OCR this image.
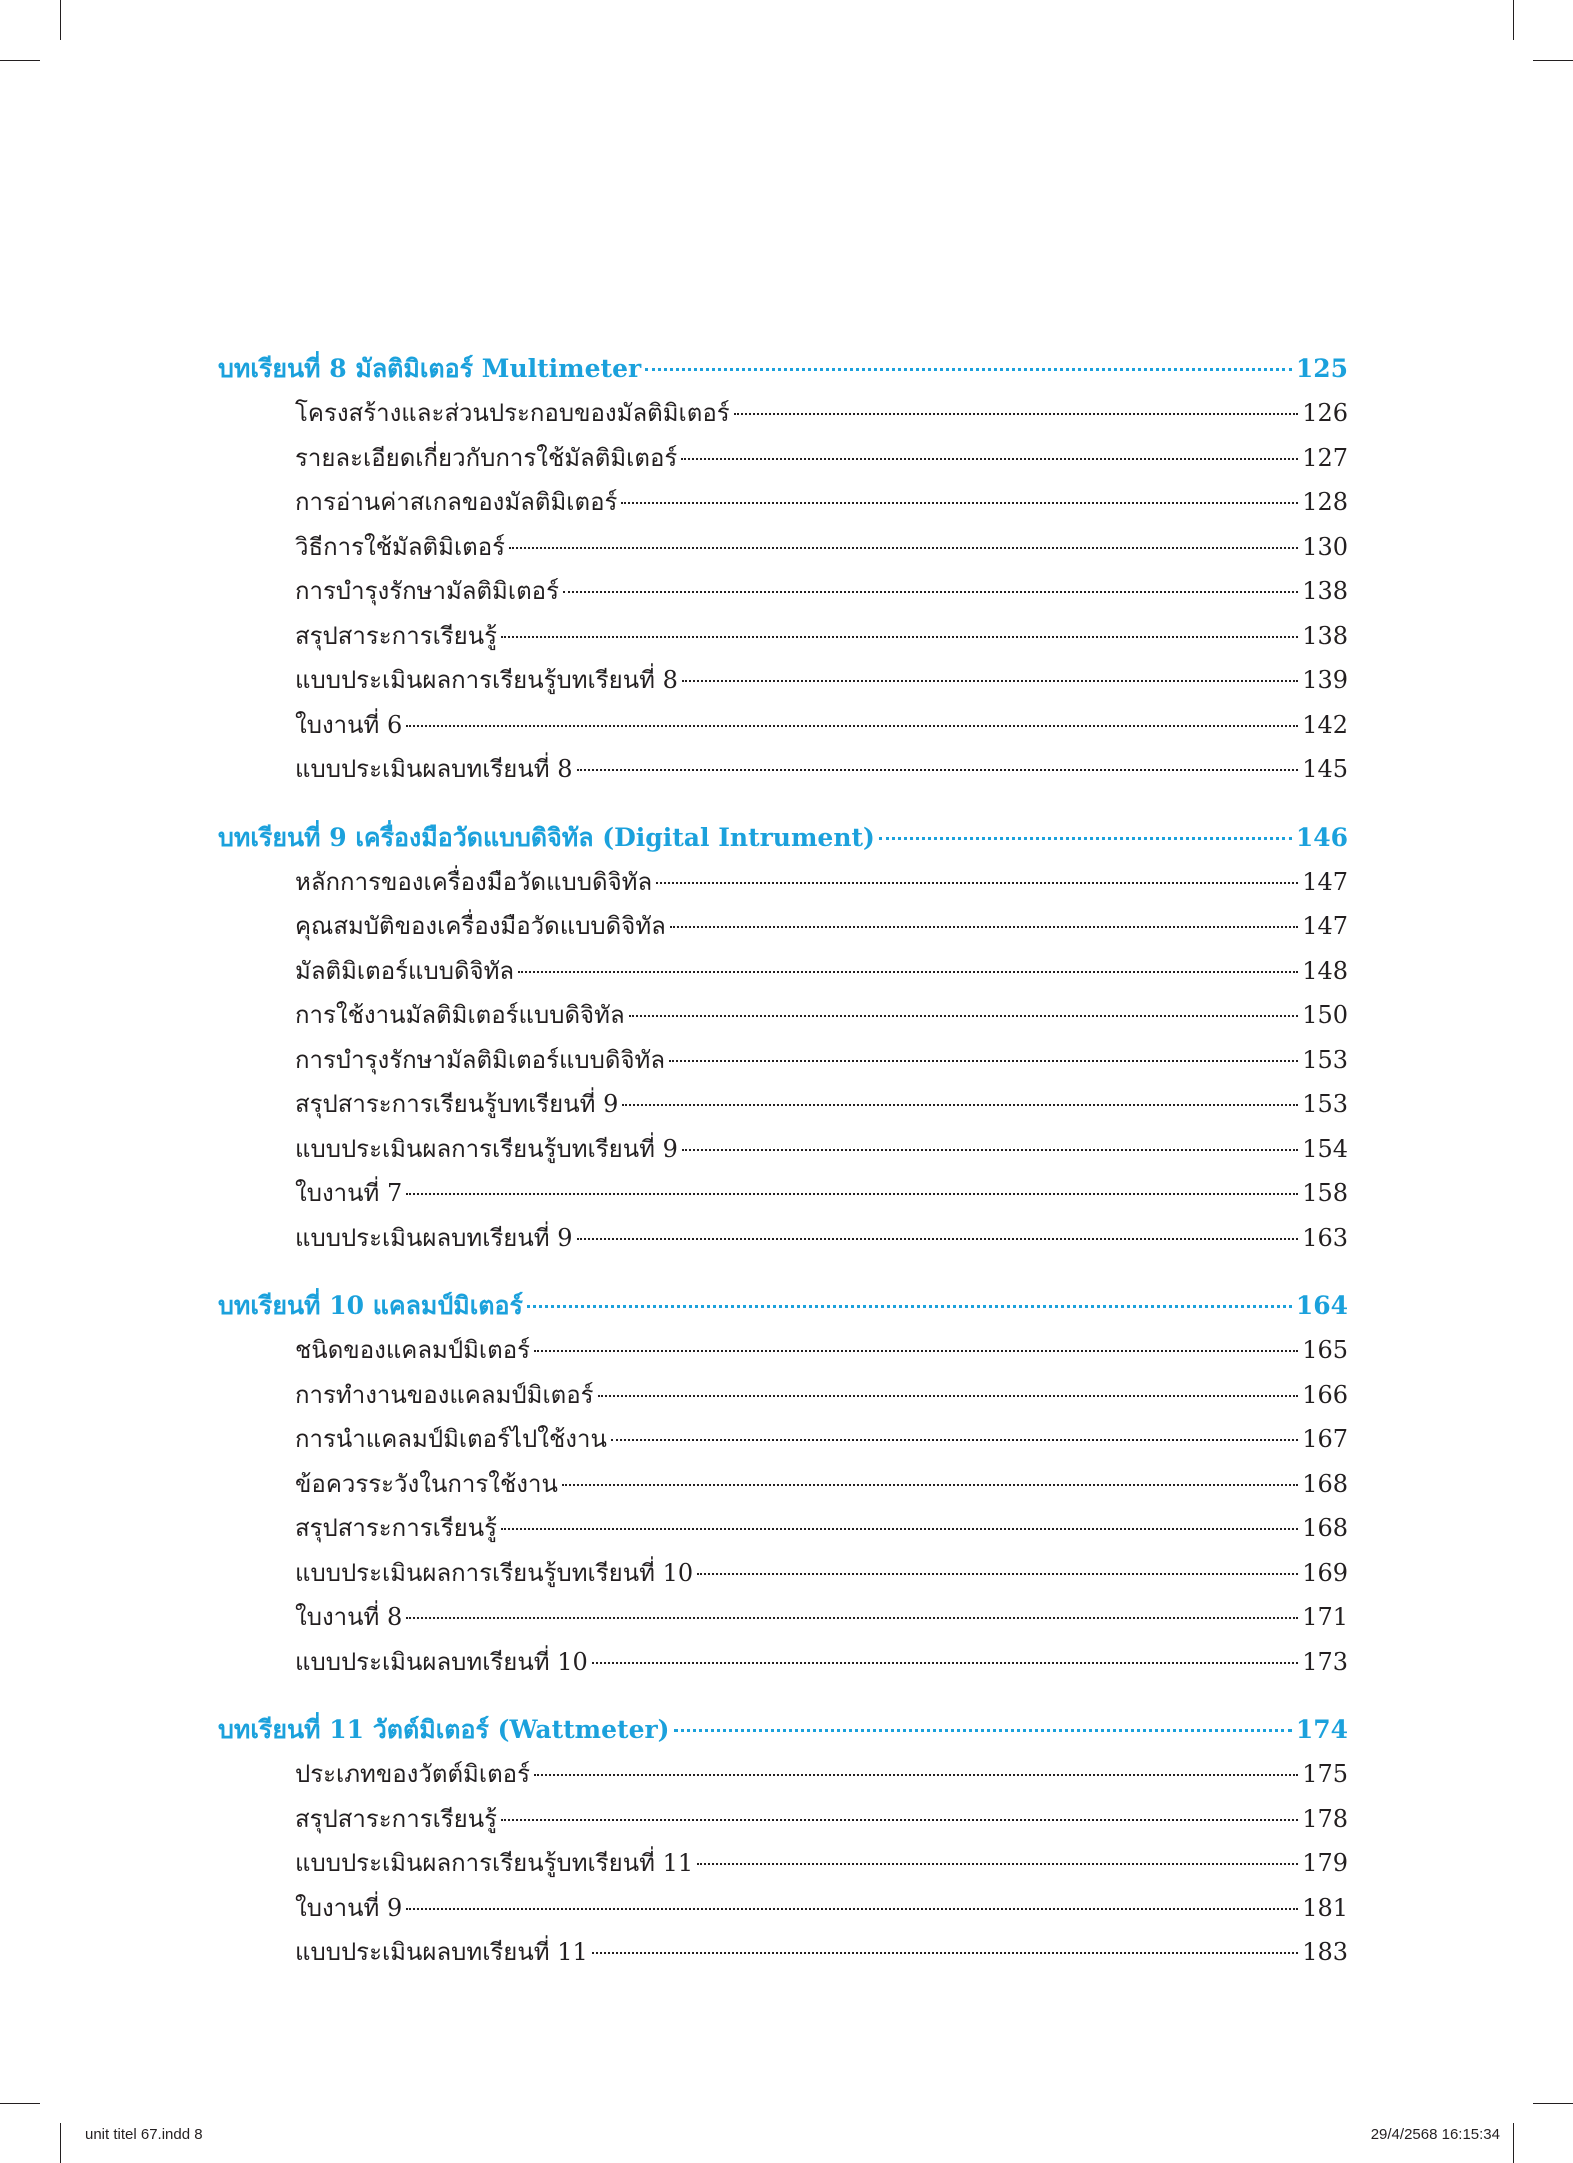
บทเรียนที่ 8 มัลติมิเตอร์ Multimeter	125
โครงสร้างและส่วนประกอบของมัลติมิเตอร์	126
รายละเอียดเกี่ยวกับการใช้มัลติมิเตอร์	127
การอ่านค่าสเกลของมัลติมิเตอร์	128
วิธีการใช้มัลติมิเตอร์	130
การบำรุงรักษามัลติมิเตอร์	138
สรุปสาระการเรียนรู้	138
แบบประเมินผลการเรียนรู้บทเรียนที่ 8	139
ใบงานที่ 6	142
แบบประเมินผลบทเรียนที่ 8	145
บทเรียนที่ 9 เครื่องมือวัดแบบดิจิทัล (Digital Intrument)	146
หลักการของเครื่องมือวัดแบบดิจิทัล	147
คุณสมบัติของเครื่องมือวัดแบบดิจิทัล	147
มัลติมิเตอร์แบบดิจิทัล	148
การใช้งานมัลติมิเตอร์แบบดิจิทัล	150
การบำรุงรักษามัลติมิเตอร์แบบดิจิทัล	153
สรุปสาระการเรียนรู้บทเรียนที่ 9	153
แบบประเมินผลการเรียนรู้บทเรียนที่ 9	154
ใบงานที่ 7	158
แบบประเมินผลบทเรียนที่ 9	163
บทเรียนที่ 10 แคลมป์มิเตอร์	164
ชนิดของแคลมป์มิเตอร์	165
การทำงานของแคลมป์มิเตอร์	166
การนำแคลมป์มิเตอร์ไปใช้งาน	167
ข้อควรระวังในการใช้งาน	168
สรุปสาระการเรียนรู้	168
แบบประเมินผลการเรียนรู้บทเรียนที่ 10	169
ใบงานที่ 8	171
แบบประเมินผลบทเรียนที่ 10	173
บทเรียนที่ 11 วัตต์มิเตอร์ (Wattmeter)	174
ประเภทของวัตต์มิเตอร์	175
สรุปสาระการเรียนรู้	178
แบบประเมินผลการเรียนรู้บทเรียนที่ 11	179
ใบงานที่ 9	181
แบบประเมินผลบทเรียนที่ 11	183
unit titel 67.indd 8	29/4/2568 16:15:34
